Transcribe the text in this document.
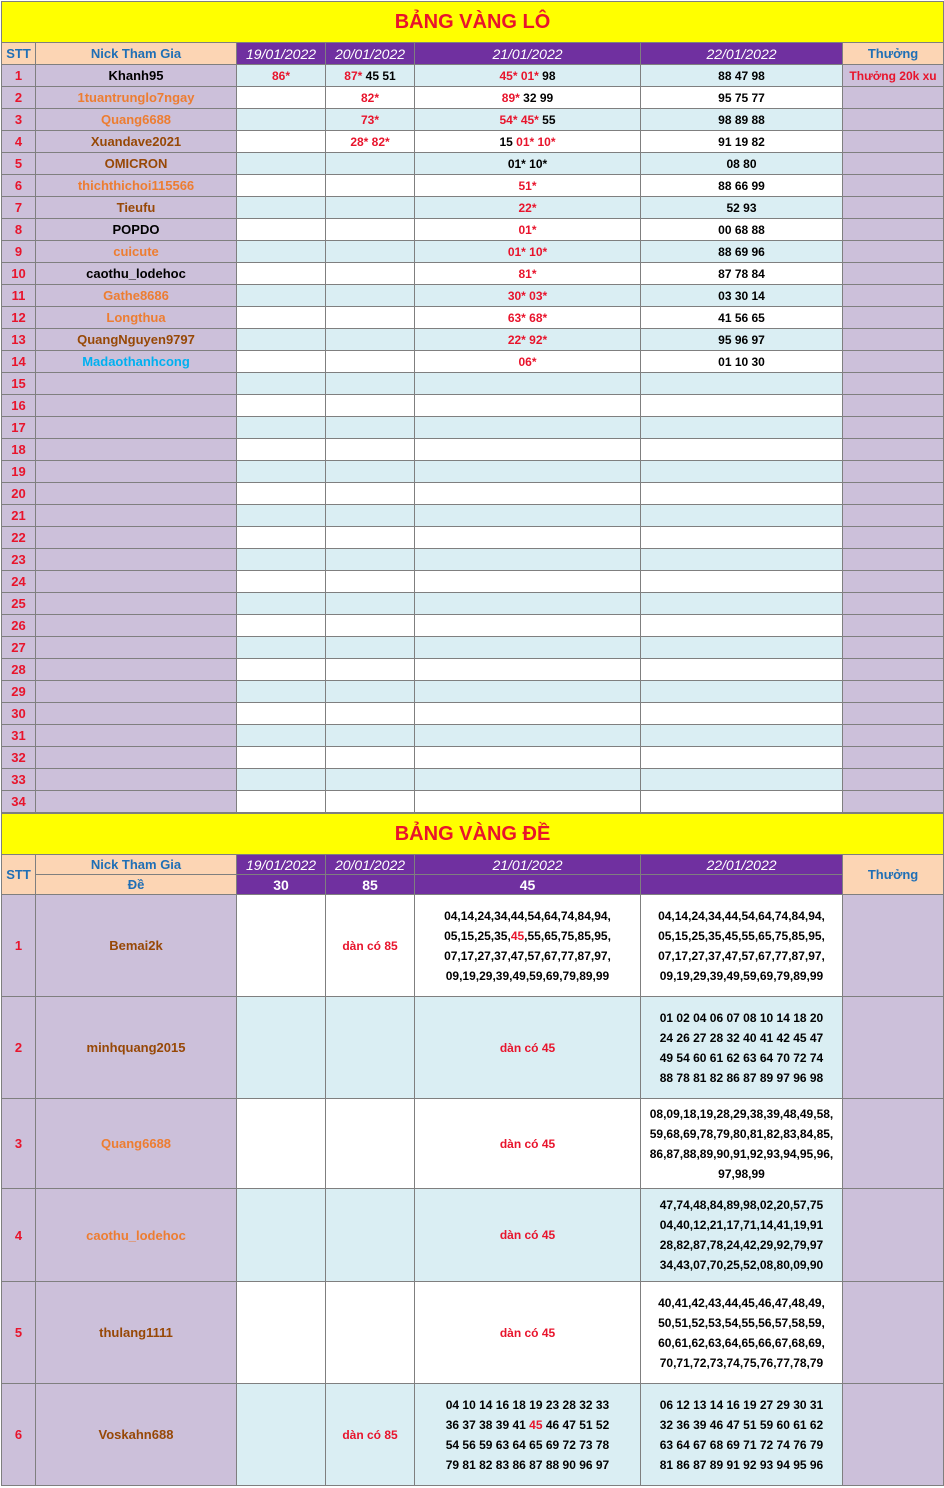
BẢNG VÀNG LÔ						
STT	Nick Tham Gia	19/01/2022	20/01/2022	21/01/2022	22/01/2022	Thưởng
1	Khanh95	86*	87* 45 51	45* 01* 98	88 47 98	Thưởng 20k xu
2	1tuantrunglo7ngay		82*	89* 32 99	95 75 77	
3	Quang6688		73*	54* 45* 55	98 89 88	
4	Xuandave2021		28* 82*	15 01* 10*	91 19 82	
5	OMICRON			01* 10*	08 80	
6	thichthichoi115566			51*	88 66 99	
7	Tieufu			22*	52 93	
8	POPDO			01*	00 68 88	
9	cuicute			01* 10*	88 69 96	
10	caothu_lodehoc			81*	87 78 84	
11	Gathe8686			30* 03*	03 30 14	
12	Longthua			63* 68*	41 56 65	
13	QuangNguyen9797			22* 92*	95 96 97	
14	Madaothanhcong			06*	01 10 30	
15						
16						
17						
18						
19						
20						
21						
22						
23						
24						
25						
26						
27						
28						
29						
30						
31						
32						
33						
34						
BẢNG VÀNG ĐỀ						
STT	Nick Tham Gia	19/01/2022	20/01/2022	21/01/2022	22/01/2022	Thưởng
	Đề	30	85	45		
1	Bemai2k		dàn có 85	04,14,24,34,44,54,64,74,84,94,
05,15,25,35,45,55,65,75,85,95,
07,17,27,37,47,57,67,77,87,97,
09,19,29,39,49,59,69,79,89,99	04,14,24,34,44,54,64,74,84,94,
05,15,25,35,45,55,65,75,85,95,
07,17,27,37,47,57,67,77,87,97,
09,19,29,39,49,59,69,79,89,99	

2	minhquang2015			dàn có 45	01 02 04 06 07 08 10 14 18 20
24 26 27 28 32 40 41 42 45 47
49 54 60 61 62 63 64 70 72 74
88 78 81 82 86 87 89 97 96 98	

3	Quang6688			dàn có 45	08,09,18,19,28,29,38,39,48,49,58,
59,68,69,78,79,80,81,82,83,84,85,
86,87,88,89,90,91,92,93,94,95,96,
97,98,99	

4	caothu_lodehoc			dàn có 45	47,74,48,84,89,98,02,20,57,75
04,40,12,21,17,71,14,41,19,91
28,82,87,78,24,42,29,92,79,97
34,43,07,70,25,52,08,80,09,90	

5	thulang1111			dàn có 45	40,41,42,43,44,45,46,47,48,49,
50,51,52,53,54,55,56,57,58,59,
60,61,62,63,64,65,66,67,68,69,
70,71,72,73,74,75,76,77,78,79	

6	Voskahn688		dàn có 85	04 10 14 16 18 19 23 28 32 33
36 37 38 39 41 45 46 47 51 52
54 56 59 63 64 65 69 72 73 78
79 81 82 83 86 87 88 90 96 97	06 12 13 14 16 19 27 29 30 31
32 36 39 46 47 51 59 60 61 62
63 64 67 68 69 71 72 74 76 79
81 86 87 89 91 92 93 94 95 96	
